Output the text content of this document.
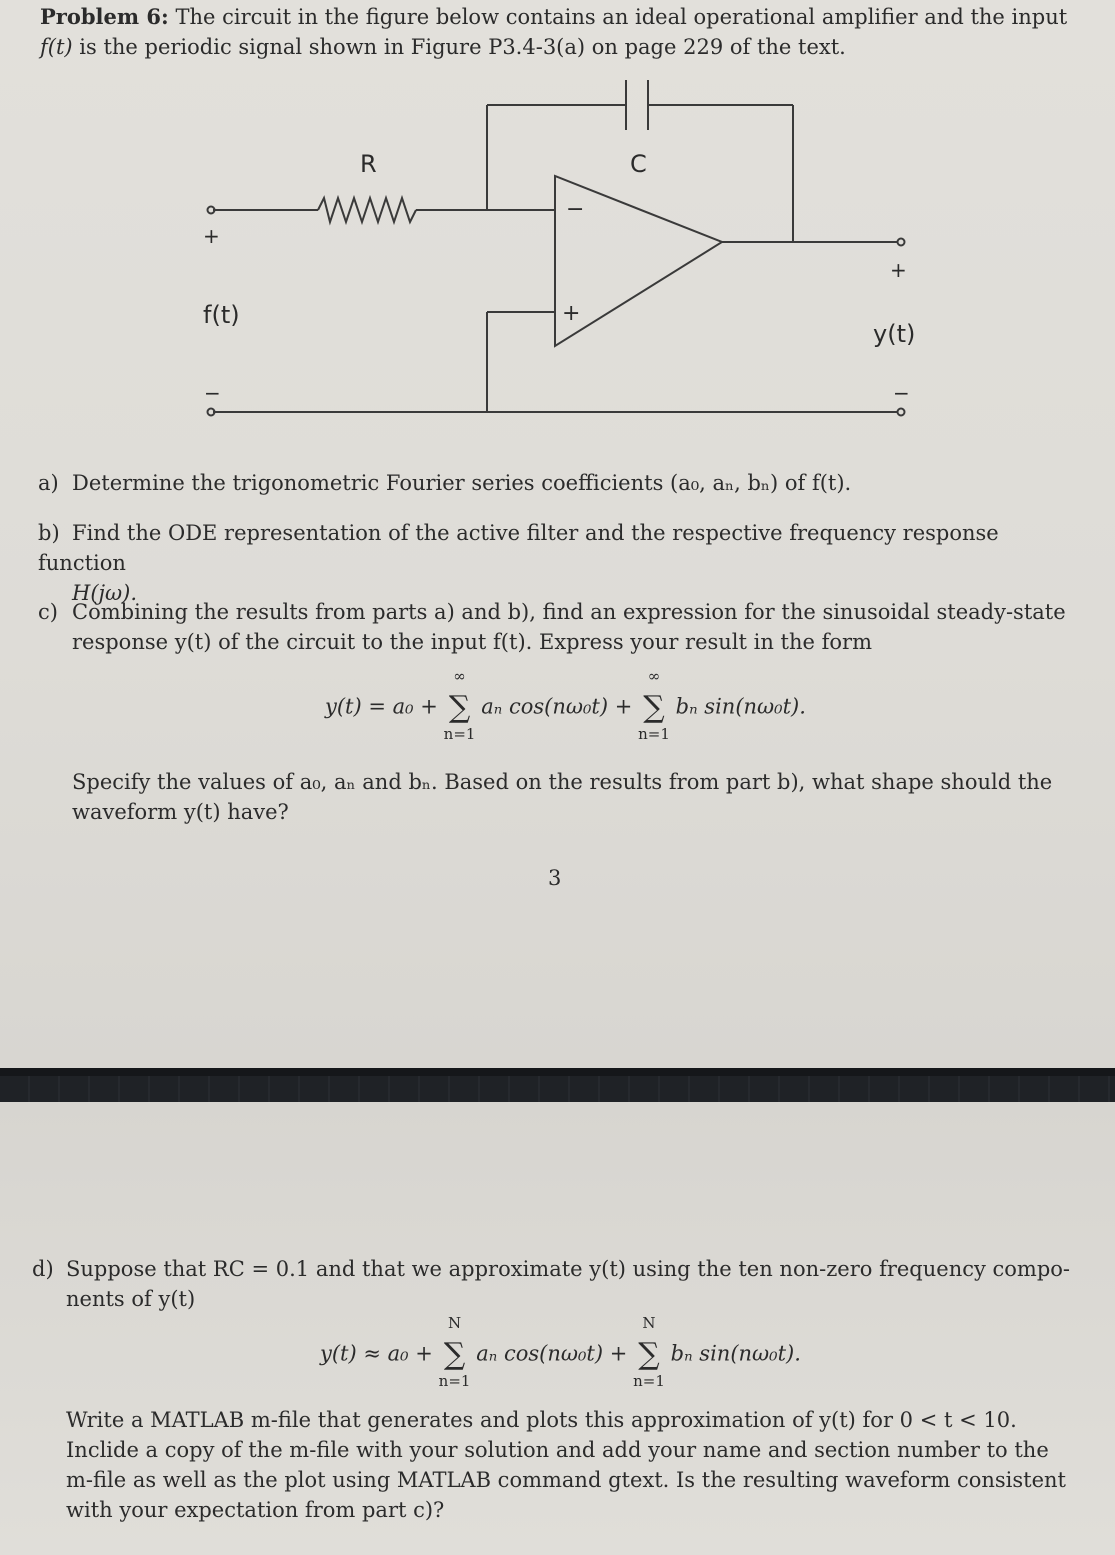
Problem 6: The circuit in the figure below contains an ideal operational amplifier and the input
f(t) is the periodic signal shown in Figure P3.4-3(a) on page 229 of the text.
R	C
f(t)
y(t)
+
−
+
−
−
+
a) Determine the trigonometric Fourier series coefficients (a₀, aₙ, bₙ) of f(t).
b) Find the ODE representation of the active filter and the respective frequency response function
H(jω).
c) Combining the results from parts a) and b), find an expression for the sinusoidal steady-state
response y(t) of the circuit to the input f(t). Express your result in the form
y(t) = a₀ +
∞
∑
n=1
aₙ cos(nω₀t) +
∞
∑
n=1
bₙ sin(nω₀t).
Specify the values of a₀, aₙ and bₙ. Based on the results from part b), what shape should the
waveform y(t) have?
3
d) Suppose that RC = 0.1 and that we approximate y(t) using the ten non-zero frequency compo-
nents of y(t)
y(t) ≈ a₀ +
N
∑
n=1
aₙ cos(nω₀t) +
N
∑
n=1
bₙ sin(nω₀t).
Write a MATLAB m-file that generates and plots this approximation of y(t) for 0 < t < 10.
Inclide a copy of the m-file with your solution and add your name and section number to the
m-file as well as the plot using MATLAB command gtext. Is the resulting waveform consistent
with your expectation from part c)?
